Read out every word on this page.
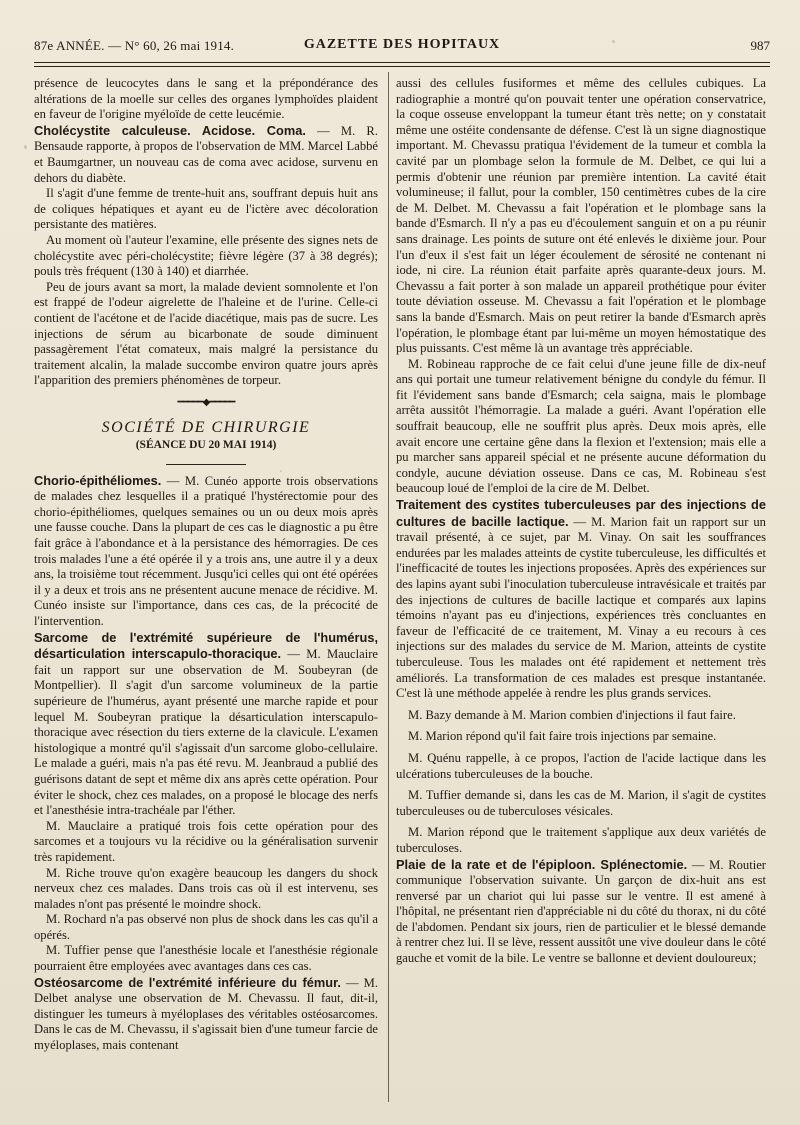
87e ANNÉE. — N° 60, 26 mai 1914.	GAZETTE DES HOPITAUX	987

présence de leucocytes dans le sang et la prépondérance des altérations de la moelle sur celles des organes lymphoïdes plaident en faveur de l'origine myéloïde de cette leucémie.

Cholécystite calculeuse. Acidose. Coma. — M. R. Bensaude rapporte, à propos de l'observation de MM. Marcel Labbé et Baumgartner, un nouveau cas de coma avec acidose, survenu en dehors du diabète.

Il s'agit d'une femme de trente-huit ans, souffrant depuis huit ans de coliques hépatiques et ayant eu de l'ictère avec décoloration persistante des matières.

Au moment où l'auteur l'examine, elle présente des signes nets de cholécystite avec péri-cholécystite; fièvre légère (37 à 38 degrés); pouls très fréquent (130 à 140) et diarrhée.

Peu de jours avant sa mort, la malade devient somnolente et l'on est frappé de l'odeur aigrelette de l'haleine et de l'urine. Celle-ci contient de l'acétone et de l'acide diacétique, mais pas de sucre. Les injections de sérum au bicarbonate de soude diminuent passagèrement l'état comateux, mais malgré la persistance du traitement alcalin, la malade succombe environ quatre jours après l'apparition des premiers phénomènes de torpeur.

━━━━━◆━━━━━
SOCIÉTÉ DE CHIRURGIE
(SÉANCE DU 20 MAI 1914)

Chorio-épithéliomes. — M. Cunéo apporte trois observations de malades chez lesquelles il a pratiqué l'hystérectomie pour des chorio-épithéliomes, quelques semaines ou un ou deux mois après une fausse couche. Dans la plupart de ces cas le diagnostic a pu être fait grâce à l'abondance et à la persistance des hémorragies. De ces trois malades l'une a été opérée il y a trois ans, une autre il y a deux ans, la troisième tout récemment. Jusqu'ici celles qui ont été opérées il y a deux et trois ans ne présentent aucune menace de récidive. M. Cunéo insiste sur l'importance, dans ces cas, de la précocité de l'intervention.

Sarcome de l'extrémité supérieure de l'humérus, désarticulation interscapulo-thoracique. — M. Mauclaire fait un rapport sur une observation de M. Soubeyran (de Montpellier). Il s'agit d'un sarcome volumineux de la partie supérieure de l'humérus, ayant présenté une marche rapide et pour lequel M. Soubeyran pratique la désarticulation interscapulo-thoracique avec résection du tiers externe de la clavicule. L'examen histologique a montré qu'il s'agissait d'un sarcome globo-cellulaire. Le malade a guéri, mais n'a pas été revu. M. Jeanbraud a publié des guérisons datant de sept et même dix ans après cette opération. Pour éviter le shock, chez ces malades, on a proposé le blocage des nerfs et l'anesthésie intra-trachéale par l'éther.

M. Mauclaire a pratiqué trois fois cette opération pour des sarcomes et a toujours vu la récidive ou la généralisation survenir très rapidement.

M. Riche trouve qu'on exagère beaucoup les dangers du shock nerveux chez ces malades. Dans trois cas où il est intervenu, ses malades n'ont pas présenté le moindre shock.

M. Rochard n'a pas observé non plus de shock dans les cas qu'il a opérés.

M. Tuffier pense que l'anesthésie locale et l'anesthésie régionale pourraient être employées avec avantages dans ces cas.

Ostéosarcome de l'extrémité inférieure du fémur. — M. Delbet analyse une observation de M. Chevassu. Il faut, dit-il, distinguer les tumeurs à myéloplases des véritables ostéosarcomes. Dans le cas de M. Chevassu, il s'agissait bien d'une tumeur farcie de myéloplases, mais contenant

aussi des cellules fusiformes et même des cellules cubiques. La radiographie a montré qu'on pouvait tenter une opération conservatrice, la coque osseuse enveloppant la tumeur étant très nette; on y constatait même une ostéite condensante de défense. C'est là un signe diagnostique important. M. Chevassu pratiqua l'évidement de la tumeur et combla la cavité par un plombage selon la formule de M. Delbet, ce qui lui a permis d'obtenir une réunion par première intention. La cavité était volumineuse; il fallut, pour la combler, 150 centimètres cubes de la cire de M. Delbet. M. Chevassu a fait l'opération et le plombage sans la bande d'Esmarch. Il n'y a pas eu d'écoulement sanguin et on a pu réunir sans drainage. Les points de suture ont été enlevés le dixième jour. Pour l'un d'eux il s'est fait un léger écoulement de sérosité ne contenant ni iode, ni cire. La réunion était parfaite après quarante-deux jours. M. Chevassu a fait porter à son malade un appareil prothétique pour éviter toute déviation osseuse. M. Chevassu a fait l'opération et le plombage sans la bande d'Esmarch. Mais on peut retirer la bande d'Esmarch après l'opération, le plombage étant par lui-même un moyen hémostatique des plus puissants. C'est même là un avantage très appréciable.

M. Robineau rapproche de ce fait celui d'une jeune fille de dix-neuf ans qui portait une tumeur relativement bénigne du condyle du fémur. Il fit l'évidement sans bande d'Esmarch; cela saigna, mais le plombage arrêta aussitôt l'hémorragie. La malade a guéri. Avant l'opération elle souffrait beaucoup, elle ne souffrit plus après. Deux mois après, elle avait encore une certaine gêne dans la flexion et l'extension; mais elle a pu marcher sans appareil spécial et ne présente aucune déformation du condyle, aucune déviation osseuse. Dans ce cas, M. Robineau s'est beaucoup loué de l'emploi de la cire de M. Delbet.

Traitement des cystites tuberculeuses par des injections de cultures de bacille lactique. — M. Marion fait un rapport sur un travail présenté, à ce sujet, par M. Vinay. On sait les souffrances endurées par les malades atteints de cystite tuberculeuse, les difficultés et l'inefficacité de toutes les injections proposées. Après des expériences sur des lapins ayant subi l'inoculation tuberculeuse intravésicale et traités par des injections de cultures de bacille lactique et comparés aux lapins témoins n'ayant pas eu d'injections, expériences très concluantes en faveur de l'efficacité de ce traitement, M. Vinay a eu recours à ces injections sur des malades du service de M. Marion, atteints de cystite tuberculeuse. Tous les malades ont été rapidement et nettement très améliorés. La transformation de ces malades est presque instantanée. C'est là une méthode appelée à rendre les plus grands services.

M. Bazy demande à M. Marion combien d'injections il faut faire.

M. Marion répond qu'il fait faire trois injections par semaine.

M. Quénu rappelle, à ce propos, l'action de l'acide lactique dans les ulcérations tuberculeuses de la bouche.

M. Tuffier demande si, dans les cas de M. Marion, il s'agit de cystites tuberculeuses ou de tuberculoses vésicales.

M. Marion répond que le traitement s'applique aux deux variétés de tuberculoses.

Plaie de la rate et de l'épiploon. Splénectomie. — M. Routier communique l'observation suivante. Un garçon de dix-huit ans est renversé par un chariot qui lui passe sur le ventre. Il est amené à l'hôpital, ne présentant rien d'appréciable ni du côté du thorax, ni du côté de l'abdomen. Pendant six jours, rien de particulier et le blessé demande à rentrer chez lui. Il se lève, ressent aussitôt une vive douleur dans le côté gauche et vomit de la bile. Le ventre se ballonne et devient douloureux;
